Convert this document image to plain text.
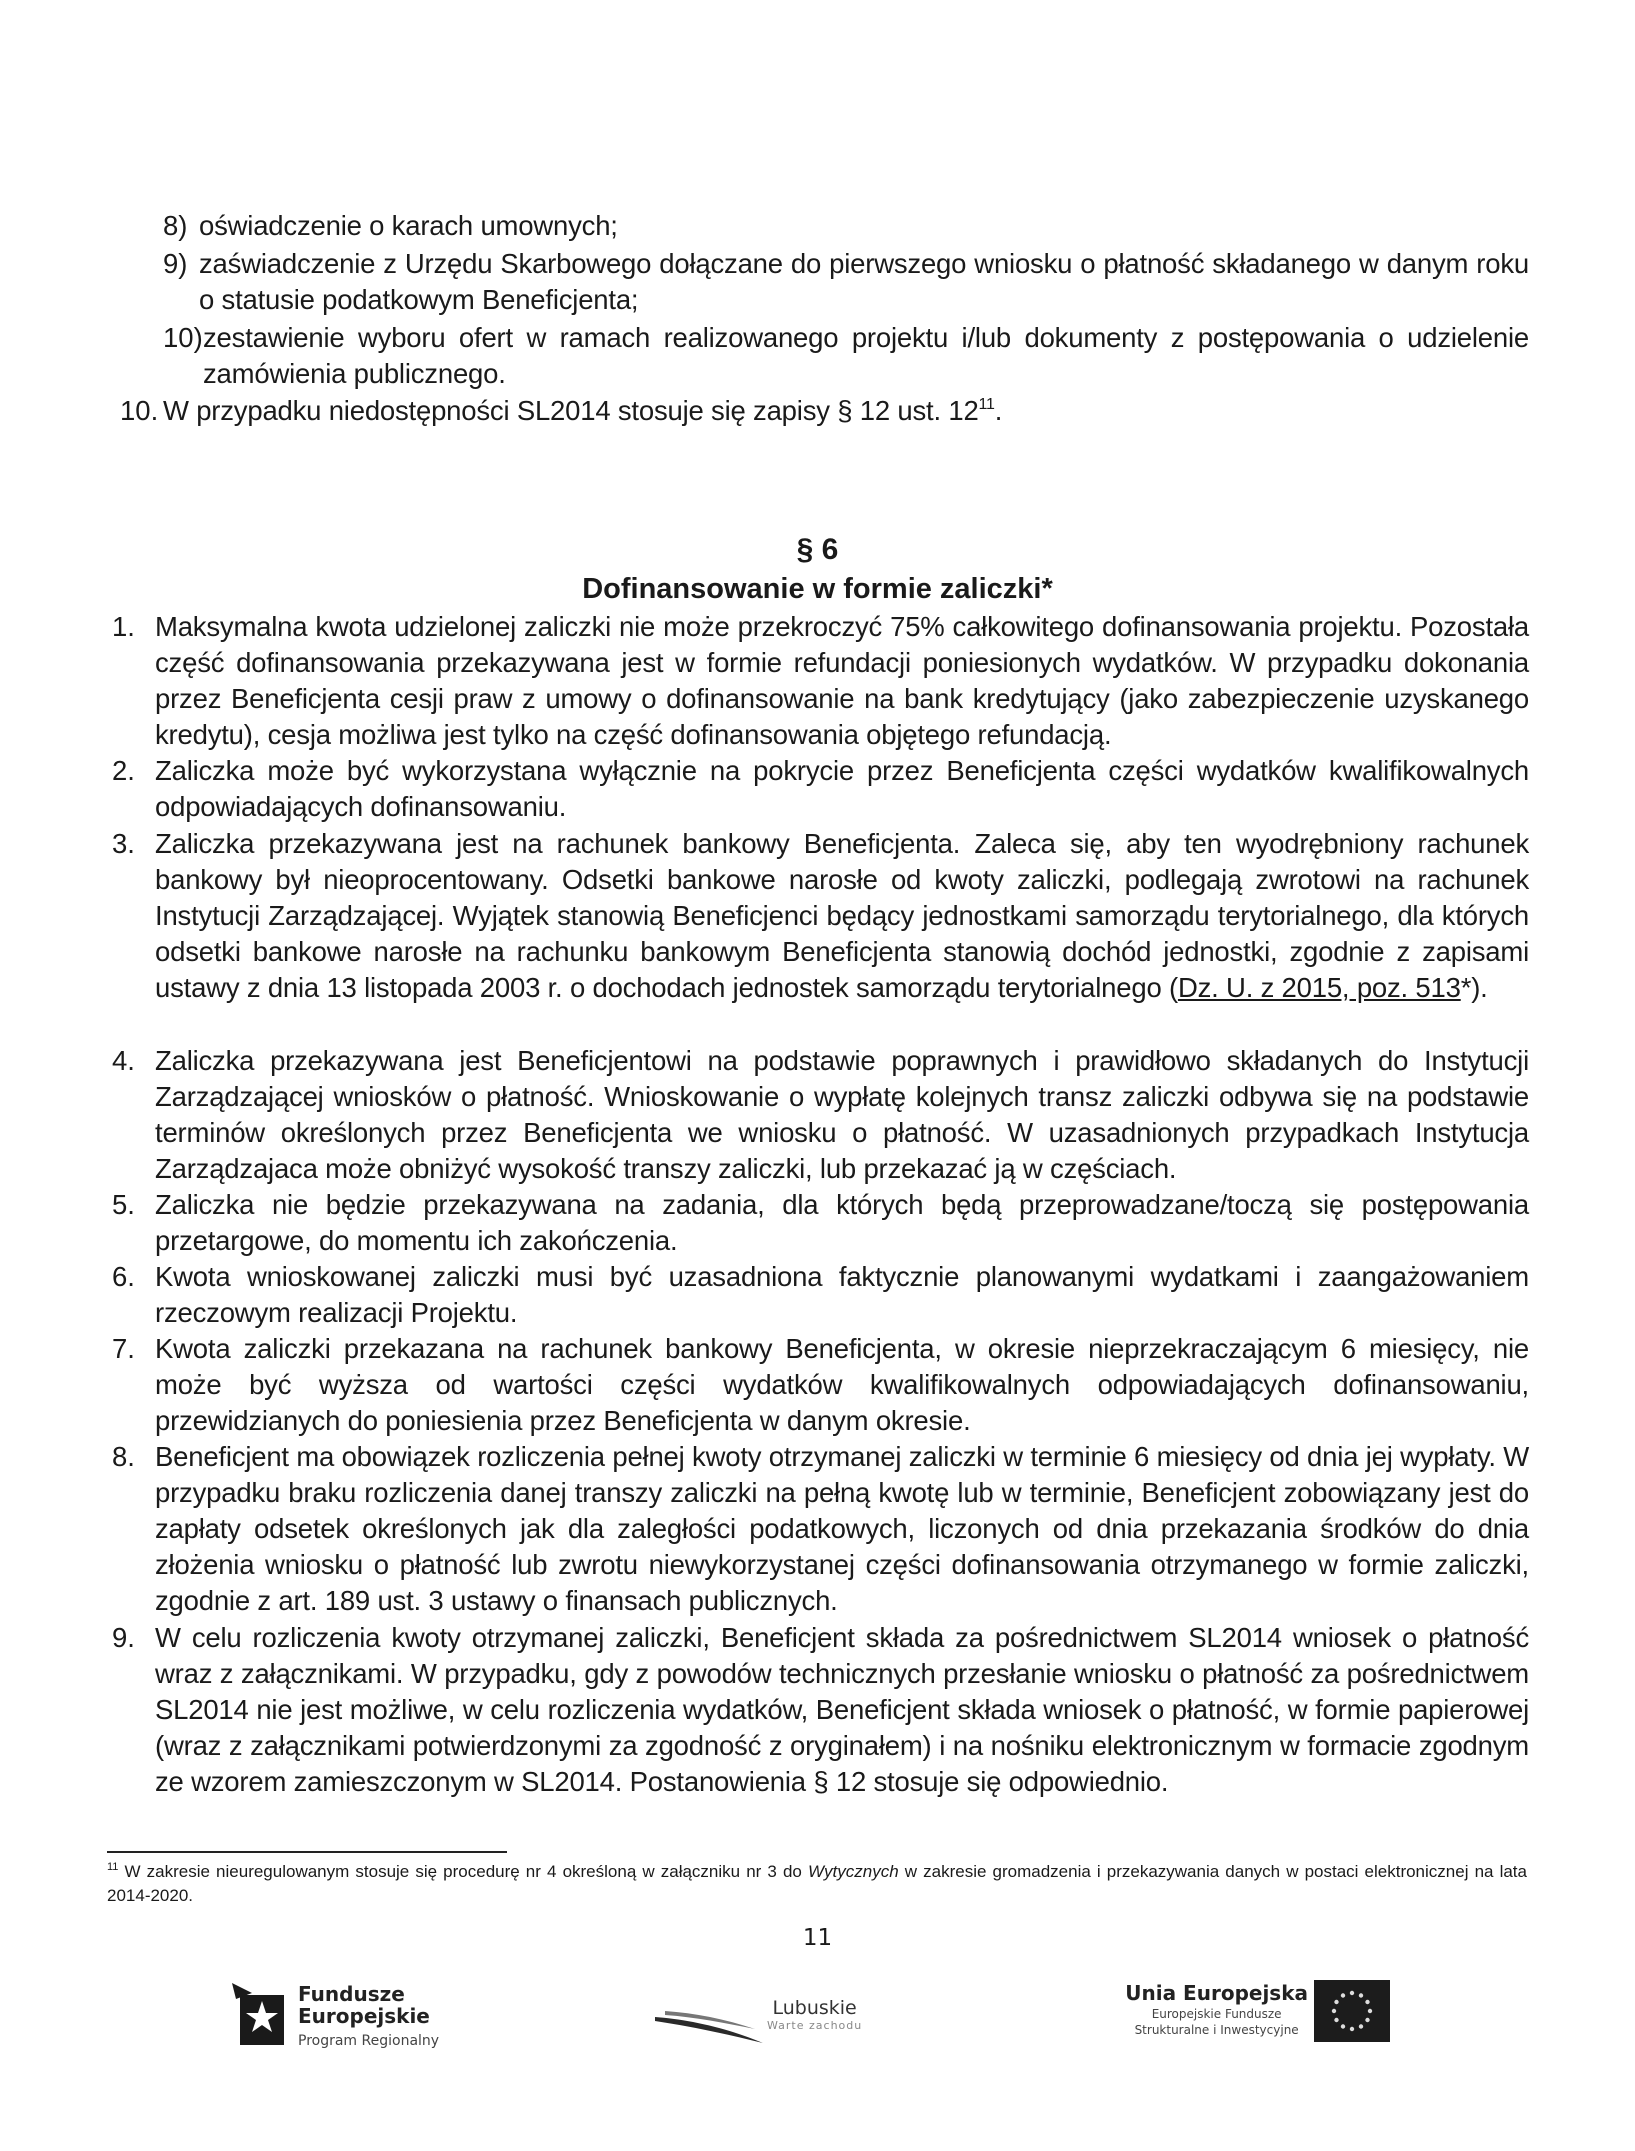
8) oświadczenie o karach umownych;
9) zaświadczenie z Urzędu Skarbowego dołączane do pierwszego wniosku o płatność składanego w danym roku o statusie podatkowym Beneficjenta;
10) zestawienie wyboru ofert w ramach realizowanego projektu i/lub dokumenty z postępowania o udzielenie zamówienia publicznego.
10. W przypadku niedostępności SL2014 stosuje się zapisy § 12 ust. $12^{11}$.
§ 6
Dofinansowanie w formie zaliczki*
1. Maksymalna kwota udzielonej zaliczki nie może przekroczyć 75% całkowitego dofinansowania projektu. Pozostała część dofinansowania przekazywana jest w formie refundacji poniesionych wydatków. W przypadku dokonania przez Beneficjenta cesji praw z umowy o dofinansowanie na bank kredytujący (jako zabezpieczenie uzyskanego kredytu), cesja możliwa jest tylko na część dofinansowania objętego refundacją.
2. Zaliczka może być wykorzystana wyłącznie na pokrycie przez Beneficjenta części wydatków kwalifikowalnych odpowiadających dofinansowaniu.
3. Zaliczka przekazywana jest na rachunek bankowy Beneficjenta. Zaleca się, aby ten wyodrębniony rachunek bankowy był nieoprocentowany. Odsetki bankowe narosłe od kwoty zaliczki, podlegają zwrotowi na rachunek Instytucji Zarządzającej. Wyjątek stanowią Beneficjenci będący jednostkami samorządu terytorialnego, dla których odsetki bankowe narosłe na rachunku bankowym Beneficjenta stanowią dochód jednostki, zgodnie z zapisami ustawy z dnia 13 listopada 2003 r. o dochodach jednostek samorządu terytorialnego (Dz. U. z 2015, poz. 513*).
4. Zaliczka przekazywana jest Beneficjentowi na podstawie poprawnych i prawidłowo składanych do Instytucji Zarządzającej wniosków o płatność. Wnioskowanie o wypłatę kolejnych transz zaliczki odbywa się na podstawie terminów określonych przez Beneficjenta we wniosku o płatność. W uzasadnionych przypadkach Instytucja Zarządzajaca może obniżyć wysokość transzy zaliczki, lub przekazać ją w częściach.
5. Zaliczka nie będzie przekazywana na zadania, dla których będą przeprowadzane/toczą się postępowania przetargowe, do momentu ich zakończenia.
6. Kwota wnioskowanej zaliczki musi być uzasadniona faktycznie planowanymi wydatkami i zaangażowaniem rzeczowym realizacji Projektu.
7. Kwota zaliczki przekazana na rachunek bankowy Beneficjenta, w okresie nieprzekraczającym 6 miesięcy, nie może być wyższa od wartości części wydatków kwalifikowalnych odpowiadających dofinansowaniu, przewidzianych do poniesienia przez Beneficjenta w danym okresie.
8. Beneficjent ma obowiązek rozliczenia pełnej kwoty otrzymanej zaliczki w terminie 6 miesięcy od dnia jej wypłaty. W przypadku braku rozliczenia danej transzy zaliczki na pełną kwotę lub w terminie, Beneficjent zobowiązany jest do zapłaty odsetek określonych jak dla zaległości podatkowych, liczonych od dnia przekazania środków do dnia złożenia wniosku o płatność lub zwrotu niewykorzystanej części dofinansowania otrzymanego w formie zaliczki, zgodnie z art. 189 ust. 3 ustawy o finansach publicznych.
9. W celu rozliczenia kwoty otrzymanej zaliczki, Beneficjent składa za pośrednictwem SL2014 wniosek o płatność wraz z załącznikami. W przypadku, gdy z powodów technicznych przesłanie wniosku o płatność za pośrednictwem SL2014 nie jest możliwe, w celu rozliczenia wydatków, Beneficjent składa wniosek o płatność, w formie papierowej (wraz z załącznikami potwierdzonymi za zgodność z oryginałem) i na nośniku elektronicznym w formacie zgodnym ze wzorem zamieszczonym w SL2014. Postanowienia § 12 stosuje się odpowiednio.
$^{11}$ W zakresie nieuregulowanym stosuje się procedurę nr 4 określoną w załączniku nr 3 do Wytycznych w zakresie gromadzenia i przekazywania danych w postaci elektronicznej na lata 2014-2020.
11
Fundusze
Europejskie
Program Regionalny
Lubuskie
Warte zachodu
Unia Europejska
Europejskie Fundusze
Strukturalne i Inwestycyjne
